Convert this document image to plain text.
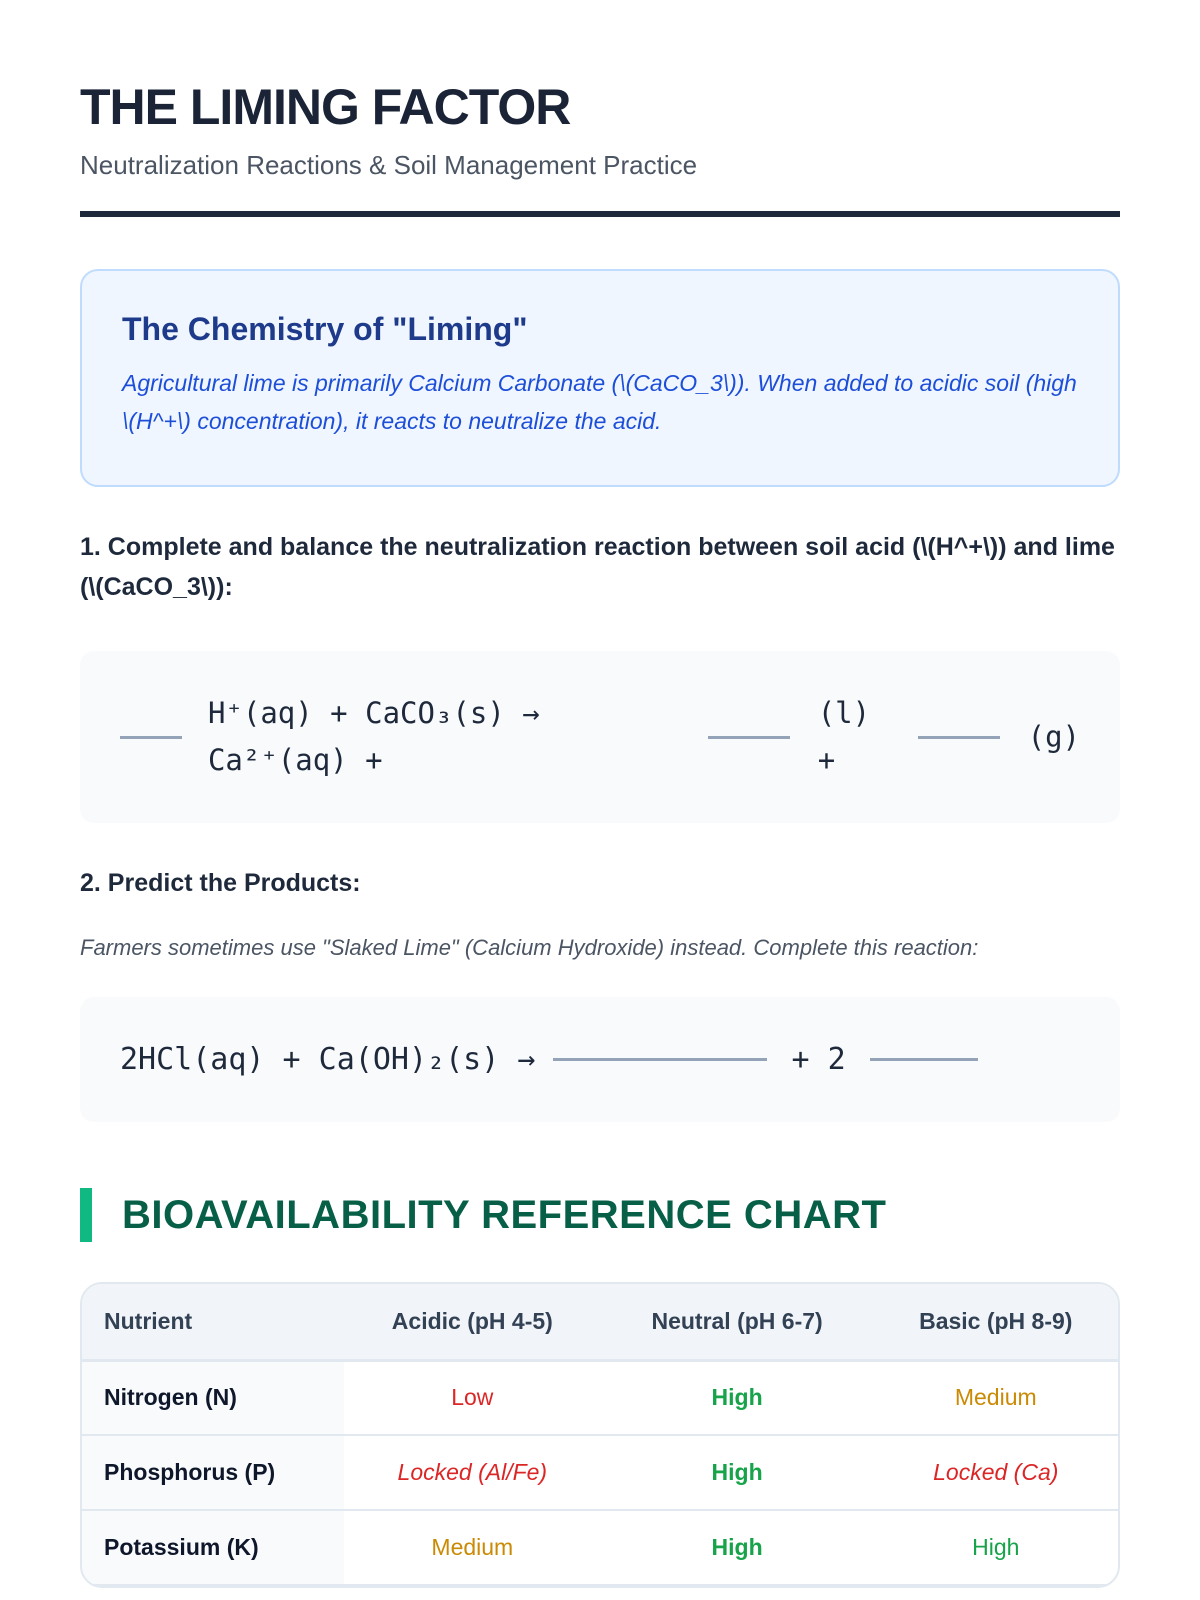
THE LIMING FACTOR
Neutralization Reactions & Soil Management Practice
The Chemistry of "Liming"
Agricultural lime is primarily Calcium Carbonate (\(CaCO_3\)). When added to acidic soil (high \(H^+\) concentration), it reacts to neutralize the acid.
1. Complete and balance the neutralization reaction between soil acid (\(H^+\)) and lime (\(CaCO_3\)):
H⁺(aq) + CaCO₃(s) → Ca²⁺(aq) +
(l) +
(g)
2. Predict the Products:
Farmers sometimes use "Slaked Lime" (Calcium Hydroxide) instead. Complete this reaction:
2HCl(aq) + Ca(OH)₂(s) →	+ 2
BIOAVAILABILITY REFERENCE CHART
Nutrient	Acidic (pH 4-5)	Neutral (pH 6-7)	Basic (pH 8-9)
Nitrogen (N)	Low	High	Medium
Phosphorus (P)	Locked (Al/Fe)	High	Locked (Ca)
Potassium (K)	Medium	High	High
